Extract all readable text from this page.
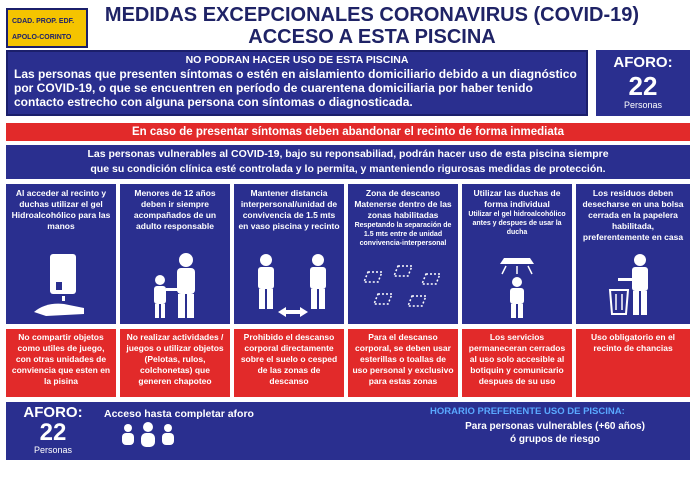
CDAD. PROP. EDF.
APOLO-CORINTO
MEDIDAS EXCEPCIONALES CORONAVIRUS (COVID-19)
ACCESO A ESTA PISCINA
NO PODRAN HACER USO DE ESTA PISCINA
Las personas que presenten síntomas o estén en aislamiento domiciliario debido a un diagnóstico por COVID-19, o que se encuentren en período de cuarentena domiciliaria por haber tenido contacto estrecho con alguna persona con síntomas o diagnosticada.
AFORO:
22
Personas
En caso de presentar síntomas deben abandonar el recinto de forma inmediata
Las personas vulnerables al COVID-19, bajo su reponsabiliad, podrán hacer uso de esta piscina siempre
que su condición clínica esté controlada y lo permita, y manteniendo rigurosas medidas de protección.
Al acceder al recinto y duchas utilizar el gel Hidroalcohólico para las manos
Menores de 12 años deben ir siempre acompañados de un adulto responsable
Mantener distancia interpersonal/unidad de convivencia de 1.5 mts en vaso piscina y recinto
Zona de descanso Matenerse dentro de las zonas habilitadas
Respetando la separación de 1.5 mts entre de unidad convivencia-interpersonal
Utilizar las duchas de forma individual
Utilizar el gel hidroalcohólico antes y despues de usar la ducha
Los residuos deben desecharse en una bolsa cerrada en la papelera habilitada, preferentemente en casa
No compartir objetos como utiles de juego, con otras unidades de conviencia que esten en la pisina
No realizar actividades / juegos o utilizar objetos (Pelotas, rulos, colchonetas) que generen chapoteo
Prohibido el descanso corporal directamente sobre el suelo o cesped de las zonas de descanso
Para el descanso corporal, se deben usar esterillas o toallas de uso personal y exclusivo para estas zonas
Los servicios permaneceran cerrados al uso solo accesible al botiquin y comunicario despues de su uso
Uso obligatorio en el recinto de chancias
AFORO:
22
Personas
Acceso hasta completar aforo	HORARIO PREFERENTE USO DE PISCINA:
Para personas vulnerables (+60 años)
ó grupos de riesgo
